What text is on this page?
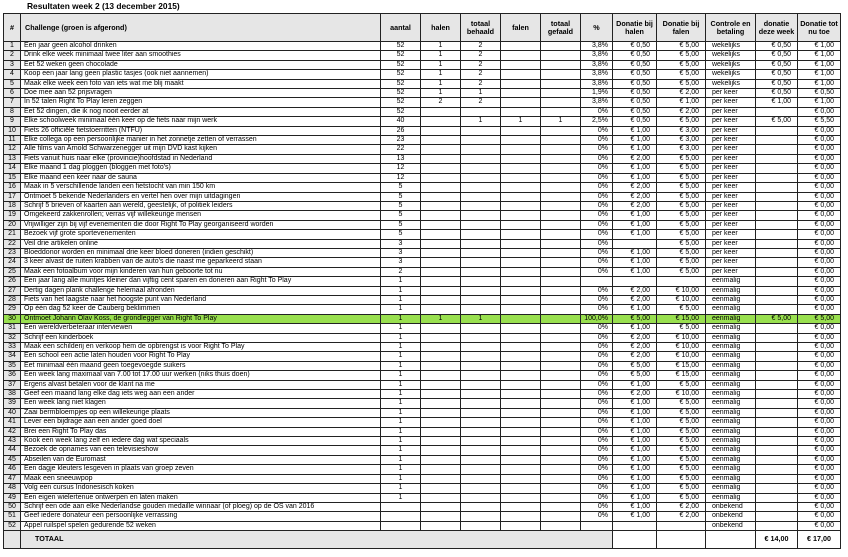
Resultaten week 2 (13 december 2015)
#	Challenge (groen is afgerond)	aantal	halen	totaal behaald	falen	totaal gefaald	%	Donatie bij halen	Donatie bij falen	Controle en betaling	donatie deze week	Donatie tot nu toe
1	Een jaar geen alcohol drinken	52	1	2			3,8%	€ 0,50	€ 5,00	wekelijks	€ 0,50	€ 1,00
2	Drink elke week minimaal twee liter aan smoothies	52	1	2			3,8%	€ 0,50	€ 5,00	wekelijks	€ 0,50	€ 1,00
3	Eet 52 weken geen chocolade	52	1	2			3,8%	€ 0,50	€ 5,00	wekelijks	€ 0,50	€ 1,00
4	Koop een jaar lang geen plastic tasjes (ook niet aannemen)	52	1	2			3,8%	€ 0,50	€ 5,00	wekelijks	€ 0,50	€ 1,00
5	Maak elke week een foto van iets wat me blij maakt	52	1	2			3,8%	€ 0,50	€ 5,00	wekelijks	€ 0,50	€ 1,00
6	Doe mee aan 52 prijsvragen	52	1	1			1,9%	€ 0,50	€ 2,00	per keer	€ 0,50	€ 0,50
7	In 52 talen Right To Play leren zeggen	52	2	2			3,8%	€ 0,50	€ 1,00	per keer	€ 1,00	€ 1,00
8	Eet 52 dingen, die ik nog nooit eerder at	52					0%	€ 0,50	€ 2,00	per keer		€ 0,00
9	Elke schoolweek minimaal één keer op de fiets naar mijn werk	40		1	1	1	2,5%	€ 0,50	€ 5,00	per keer	€ 5,00	€ 5,50
10	Fiets 26 officiële fietstoerritten (NTFU)	26					0%	€ 1,00	€ 3,00	per keer		€ 0,00
11	Elke collega op een persoonlijke manier in het zonnetje zetten of verrassen	23					0%	€ 1,00	€ 3,00	per keer		€ 0,00
12	Alle films van Arnold Schwarzenegger uit mijn DVD kast kijken	22					0%	€ 1,00	€ 3,00	per keer		€ 0,00
13	Fiets vanuit huis naar elke (provincie)hoofdstad in Nederland	13					0%	€ 2,00	€ 5,00	per keer		€ 0,00
14	Elke maand 1 dag ploggen (bloggen met foto's)	12					0%	€ 1,00	€ 5,00	per keer		€ 0,00
15	Elke maand een keer naar de sauna	12					0%	€ 1,00	€ 5,00	per keer		€ 0,00
16	Maak in 5 verschillende landen een fietstocht van min 150 km	5					0%	€ 2,00	€ 5,00	per keer		€ 0,00
17	Ontmoet 5 bekende Nederlanders en vertel hen over mijn uitdagingen	5					0%	€ 2,00	€ 5,00	per keer		€ 0,00
18	Schrijf 5 brieven of kaarten aan wereld, geestelijk, of politiek leiders	5					0%	€ 2,00	€ 5,00	per keer		€ 0,00
19	Omgekeerd zakkenrollen; verras vijf willekeurige mensen	5					0%	€ 1,00	€ 5,00	per keer		€ 0,00
20	Vrijwilliger zijn bij vijf evenementen die door Right To Play georganiseerd worden	5					0%	€ 1,00	€ 5,00	per keer		€ 0,00
21	Bezoek vijf grote sportevenementen	5					0%	€ 1,00	€ 5,00	per keer		€ 0,00
22	Veil drie artikelen online	3					0%		€ 5,00	per keer		€ 0,00
23	Bloeddonor worden en minimaal drie keer bloed doneren (indien geschikt)	3					0%	€ 1,00	€ 5,00	per keer		€ 0,00
24	3 keer alvast de ruiten krabben van de auto's die naast me geparkeerd staan	3					0%	€ 1,00	€ 5,00	per keer		€ 0,00
25	Maak een fotoalbum voor mijn kinderen van hun geboorte tot nu	2					0%	€ 1,00	€ 5,00	per keer		€ 0,00
26	Een jaar lang alle muntjes kleiner dan vijftig cent sparen en doneren aan Right To Play	1								eenmalig		€ 0,00
27	Dertig dagen plank challenge helemaal afronden	1					0%	€ 2,00	€ 10,00	eenmalig		€ 0,00
28	Fiets van het laagste naar het hoogste punt van Nederland	1					0%	€ 2,00	€ 10,00	eenmalig		€ 0,00
29	Op één dag 52 keer de Cauberg beklimmen	1					0%	€ 1,00	€ 5,00	eenmalig		€ 0,00
30	Ontmoet Johann Olav Koss, de grondlegger van Right To Play	1	1	1			100,0%	€ 5,00	€ 15,00	eenmalig	€ 5,00	€ 5,00
31	Een wereldverbeteraar interviewen	1					0%	€ 1,00	€ 5,00	eenmalig		€ 0,00
32	Schrijf een kinderboek	1					0%	€ 2,00	€ 10,00	eenmalig		€ 0,00
33	Maak een schilderij en verkoop hem de opbrengst is voor Right To Play	1					0%	€ 2,00	€ 10,00	eenmalig		€ 0,00
34	Een school een actie laten houden voor Right To Play	1					0%	€ 2,00	€ 10,00	eenmalig		€ 0,00
35	Eet minimaal één maand geen toegevoegde suikers	1					0%	€ 5,00	€ 15,00	eenmalig		€ 0,00
36	Een week lang maximaal van 7.00 tot 17.00 uur werken (niks thuis doen)	1					0%	€ 5,00	€ 15,00	eenmalig		€ 0,00
37	Ergens alvast betalen voor de klant na me	1					0%	€ 1,00	€ 5,00	eenmalig		€ 0,00
38	Geef een maand lang elke dag iets weg aan een ander	1					0%	€ 2,00	€ 10,00	eenmalig		€ 0,00
39	Een week lang niet klagen	1					0%	€ 1,00	€ 5,00	eenmalig		€ 0,00
40	Zaai bermbloempjes op een willekeurige plaats	1					0%	€ 1,00	€ 5,00	eenmalig		€ 0,00
41	Lever een bijdrage aan een ander goed doel	1					0%	€ 1,00	€ 5,00	eenmalig		€ 0,00
42	Brei een Right To Play das	1					0%	€ 1,00	€ 5,00	eenmalig		€ 0,00
43	Kook een week lang zelf en iedere dag wat speciaals	1					0%	€ 1,00	€ 5,00	eenmalig		€ 0,00
44	Bezoek de opnames van een televisieshow	1					0%	€ 1,00	€ 5,00	eenmalig		€ 0,00
45	Abseilen van de Euromast	1					0%	€ 1,00	€ 5,00	eenmalig		€ 0,00
46	Een dagje kleuters lesgeven in plaats van groep zeven	1					0%	€ 1,00	€ 5,00	eenmalig		€ 0,00
47	Maak een sneeuwpop	1					0%	€ 1,00	€ 5,00	eenmalig		€ 0,00
48	Volg een cursus Indonesisch koken	1					0%	€ 1,00	€ 5,00	eenmalig		€ 0,00
49	Een eigen wielertenue ontwerpen en laten maken	1					0%	€ 1,00	€ 5,00	eenmalig		€ 0,00
50	Schrijf een ode aan elke Nederlandse gouden medaille winnaar (of ploeg) op de OS van 2016						0%	€ 1,00	€ 2,00	onbekend		€ 0,00
51	Geef iedere donateur een persoonlijke verrassing						0%	€ 1,00	€ 2,00	onbekend		€ 0,00
52	Appel ruilspel spelen gedurende 52 weken									onbekend		€ 0,00
	TOTAAL										€ 14,00	€ 17,00
